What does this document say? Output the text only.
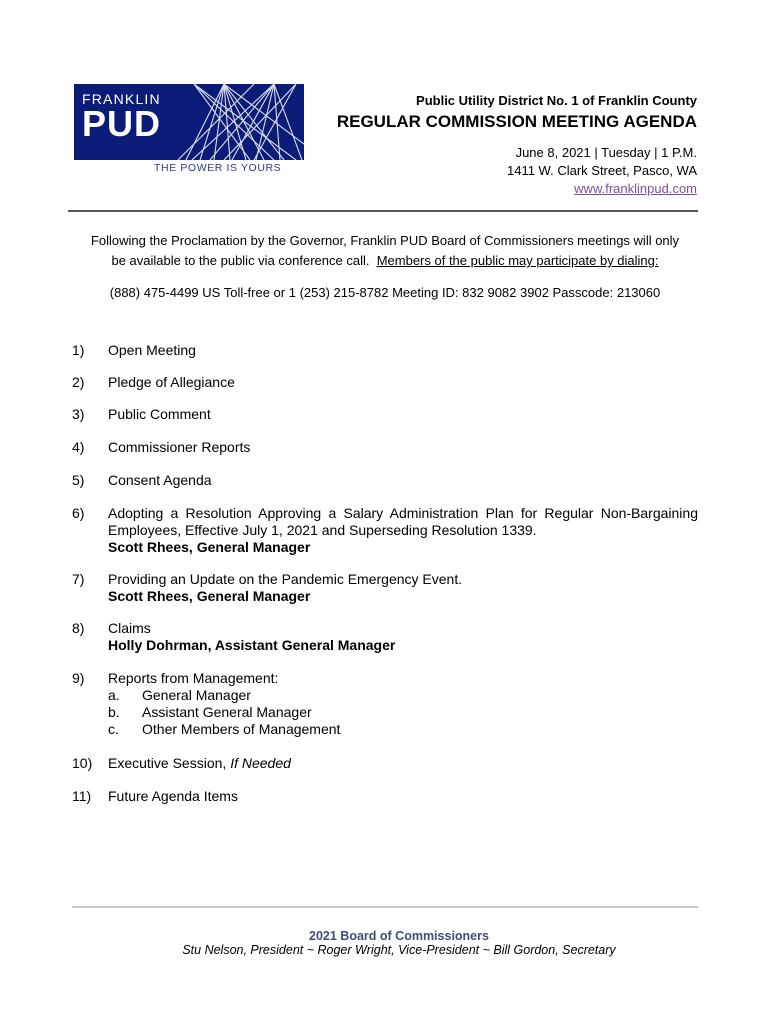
FRANKLIN
PUD
THE POWER IS YOURS
Public Utility District No. 1 of Franklin County
REGULAR COMMISSION MEETING AGENDA
June 8, 2021 | Tuesday | 1 P.M.
1411 W. Clark Street, Pasco, WA
www.franklinpud.com
Following the Proclamation by the Governor, Franklin PUD Board of Commissioners meetings will only be available to the public via conference call. Members of the public may participate by dialing:
(888) 475-4499 US Toll-free or 1 (253) 215-8782 Meeting ID: 832 9082 3902 Passcode: 213060
1) Open Meeting
2) Pledge of Allegiance
3) Public Comment
4) Commissioner Reports
5) Consent Agenda
6) Adopting a Resolution Approving a Salary Administration Plan for Regular Non-Bargaining Employees, Effective July 1, 2021 and Superseding Resolution 1339.
Scott Rhees, General Manager
7) Providing an Update on the Pandemic Emergency Event.
Scott Rhees, General Manager
8) Claims
Holly Dohrman, Assistant General Manager
9) Reports from Management:
a. General Manager
b. Assistant General Manager
c. Other Members of Management
10) Executive Session, If Needed
11) Future Agenda Items
2021 Board of Commissioners
Stu Nelson, President ~ Roger Wright, Vice-President ~ Bill Gordon, Secretary
